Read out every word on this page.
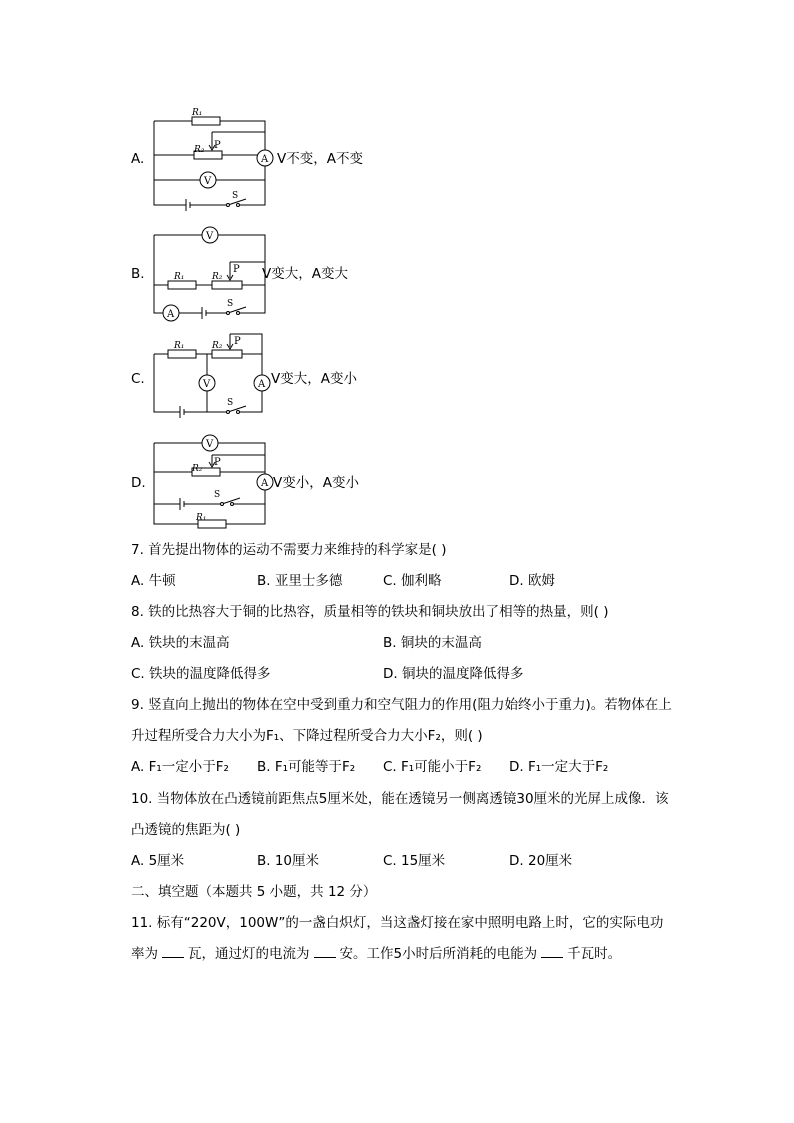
A.
R₁
R₂ P
V
A
S
V不变，A不变
B.
V
A
R₁	R₂
P
S
V变大，A变大
C.	V	A
R₁	R₂ P
S
V变大，A变小
D.
V
A
R₂
P
S
R₁
V变小，A变小
7. 首先提出物体的运动不需要力来维持的科学家是( )
A. 牛顿	B. 亚里士多德	C. 伽利略	D. 欧姆
8. 铁的比热容大于铜的比热容，质量相等的铁块和铜块放出了相等的热量，则( )
A. 铁块的末温高	B. 铜块的末温高
C. 铁块的温度降低得多	D. 铜块的温度降低得多
9. 竖直向上抛出的物体在空中受到重力和空气阻力的作用(阻力始终小于重力)。若物体在上
升过程所受合力大小为F₁、下降过程所受合力大小F₂，则( )
A. F₁一定小于F₂ B. F₁可能等于F₂ C. F₁可能小于F₂ D. F₁一定大于F₂
10. 当物体放在凸透镜前距焦点5厘米处，能在透镜另一侧离透镜30厘米的光屏上成像．该
凸透镜的焦距为( )
A. 5厘米	B. 10厘米	C. 15厘米	D. 20厘米
二、填空题（本题共 5 小题，共 12 分）
11. 标有“220V，100W”的一盏白炽灯，当这盏灯接在家中照明电路上时，它的实际电功
率为 瓦，通过灯的电流为 安。工作5小时后所消耗的电能为 千瓦时。
